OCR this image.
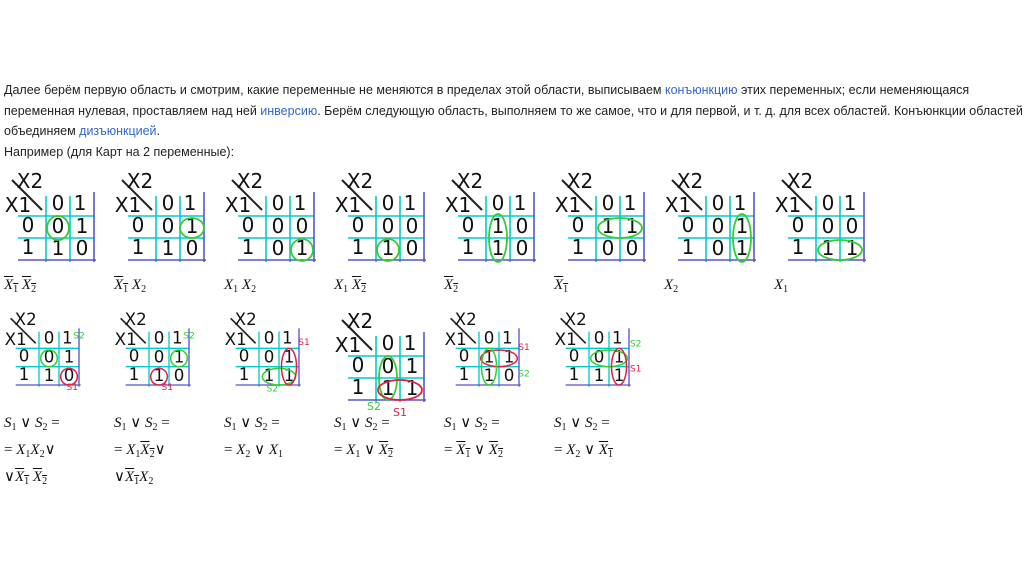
Далее берём первую область и смотрим, какие переменные не меняются в пределах этой области, выписываем конъюнкцию этих переменных; если неменяющаяся
переменная нулевая, проставляем над ней инверсию. Берём следующую область, выполняем то же самое, что и для первой, и т. д. для всех областей. Конъюнкции областей
объединяем дизъюнкцией.
Например (для Карт на 2 переменные):
X2
X1 0 1
0
1
0 1
1 0
X2
X1 0 1
0
1
0 1
1 0
X2
X1 0 1
0
1
0 0
0 1
X2
X1 0 1
0
1
0 0
1 0
X2
X1 0 1
0
1
1 0
1 0
X2
X1 0 1
0
1
1 1
0 0
X2
X1 0 1
0
1
0 1
0 1
X2
X1 0 1
0
1
0 0
1 1
X2
X1 0 1
0
1
0 1
1 0
S2
S1
X2
X1 0 1
0
1
0 1
1 0
S2
S1
X2
X1 0 1
0
1
0 1
1 1
S1
S2
X2
X1 0 1
0
1
0 1
1 1
S2 S1
X2
X1 0 1
0
1
1 1
1 0
S1
S2
X2
X1 0 1
0
1
0 1
1 1
S2
S1
$X_1$ $X_2$	$X_1$ $X_2$	$X_1$ $X_2$	$X_1$ $X_2$	$X_2$	$X_1$	$X_2$	$X_1$
$S_1$ ∨ $S_2$ =
= $X_1X_2\vee$
$\vee X_1$ $X_2$
$S_1$ ∨ $S_2$ =
= $X_1X_2\vee$
$\vee X_1X_2$
$S_1$ ∨ $S_2$ =
= $X_2$ ∨ $X_1$
$S_1$ ∨ $S_2$ =
= $X_1$ ∨ $X_2$
$S_1$ ∨ $S_2$ =
= $X_1$ ∨ $X_2$
$S_1$ ∨ $S_2$ =
= $X_2$ ∨ $X_1$
